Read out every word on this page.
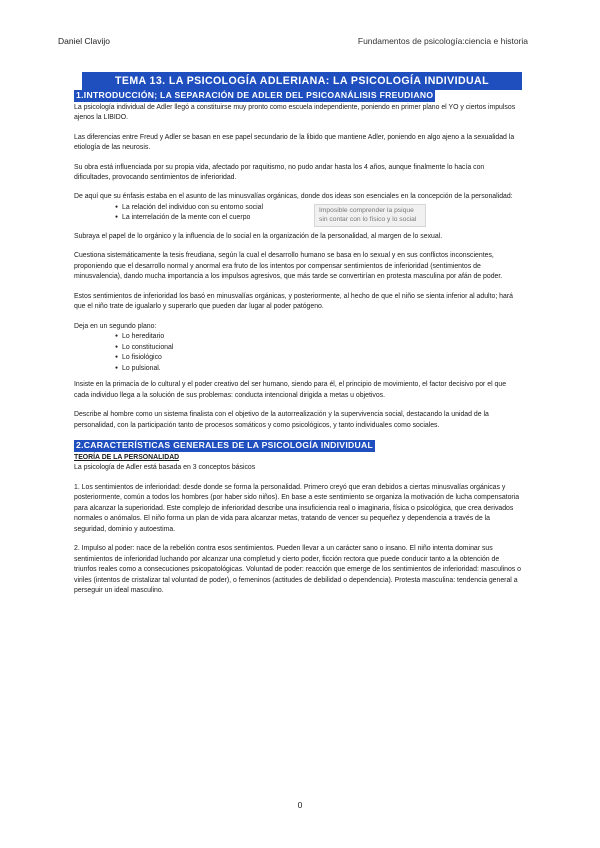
Daniel Clavijo	Fundamentos de psicología:ciencia e historia
TEMA 13. LA PSICOLOGÍA ADLERIANA: LA PSICOLOGÍA INDIVIDUAL
1.INTRODUCCIÓN; LA SEPARACIÓN DE ADLER DEL PSICOANÁLISIS FREUDIANO

La psicología individual de Adler llegó a constituirse muy pronto como escuela independiente, poniendo en primer plano el YO y ciertos impulsos ajenos la LIBIDO.

Las diferencias entre Freud y Adler se basan en ese papel secundario de la libido que mantiene Adler, poniendo en algo ajeno a la sexualidad la etiología de las neurosis.

Su obra está influenciada por su propia vida, afectado por raquitismo, no pudo andar hasta los 4 años, aunque finalmente lo hacía con dificultades, provocando sentimientos de inferioridad.

De aquí que su énfasis estaba en el asunto de las minusvalías orgánicas, donde dos ideas son esenciales en la concepción de la personalidad:

● La relación del individuo con su entorno social
● La interrelación de la mente con el cuerpo
Imposible comprender la psique sin contar con lo físico y lo social

Subraya el papel de lo orgánico y la influencia de lo social en la organización de la personalidad, al margen de lo sexual.

Cuestiona sistemáticamente la tesis freudiana, según la cual el desarrollo humano se basa en lo sexual y en sus conflictos inconscientes, proponiendo que el desarrollo normal y anormal era fruto de los intentos por compensar sentimientos de inferioridad (sentimientos de minusvalencia), dando mucha importancia a los impulsos agresivos, que más tarde se convertirían en protesta masculina por afán de poder.

Estos sentimientos de inferioridad los basó en minusvalías orgánicas, y posteriormente, al hecho de que el niño se sienta inferior al adulto; hará que el niño trate de igualarlo y superarlo que pueden dar lugar al poder patógeno.

Deja en un segundo plano:

● Lo hereditario
● Lo constitucional
● Lo fisiológico
● Lo pulsional.

Insiste en la primacía de lo cultural y el poder creativo del ser humano, siendo para él, el principio de movimiento, el factor decisivo por el que cada individuo llega a la solución de sus problemas: conducta intencional dirigida a metas u objetivos.

Describe al hombre como un sistema finalista con el objetivo de la autorrealización y la supervivencia social, destacando la unidad de la personalidad, con la participación tanto de procesos somáticos y como psicológicos, y tanto individuales como sociales.

2.CARACTERÍSTICAS GENERALES DE LA PSICOLOGÍA INDIVIDUAL
TEORÍA DE LA PERSONALIDAD

La psicología de Adler está basada en 3 conceptos básicos

1. Los sentimientos de inferioridad: desde donde se forma la personalidad. Primero creyó que eran debidos a ciertas minusvalías orgánicas y posteriormente, común a todos los hombres (por haber sido niños). En base a este sentimiento se organiza la motivación de lucha compensatoria para alcanzar la superioridad. Este complejo de inferioridad describe una insuficiencia real o imaginaria, física o psicológica, que crea derivados normales o anómalos. El niño forma un plan de vida para alcanzar metas, tratando de vencer su pequeñez y dependencia a través de la seguridad, dominio y autoestima.

2. Impulso al poder: nace de la rebelión contra esos sentimientos. Pueden llevar a un carácter sano o insano. El niño intenta dominar sus sentimientos de inferioridad luchando por alcanzar una completud y cierto poder, ficción rectora que puede conducir tanto a la obtención de triunfos reales como a consecuciones psicopatológicas. Voluntad de poder: reacción que emerge de los sentimientos de inferioridad: masculinos o viriles (intentos de cristalizar tal voluntad de poder), o femeninos (actitudes de debilidad o dependencia). Protesta masculina: tendencia general a perseguir un ideal masculino.

0
